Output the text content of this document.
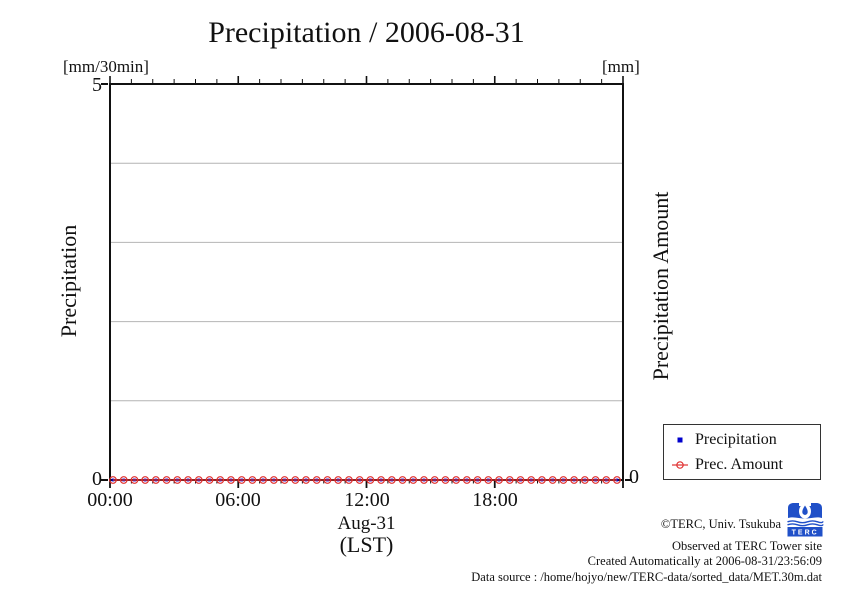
Precipitation / 2006-08-31
[mm/30min]	[mm]
Precipitation	Precipitation Amount
5
0	0
00:00	06:00	12:00	18:00
Aug-31
(LST)
Precipitation
Prec. Amount
©TERC, Univ. Tsukuba
Observed at TERC Tower site
Created Automatically at 2006-08-31/23:56:09
Data source : /home/hojyo/new/TERC-data/sorted_data/MET.30m.dat
TERC
